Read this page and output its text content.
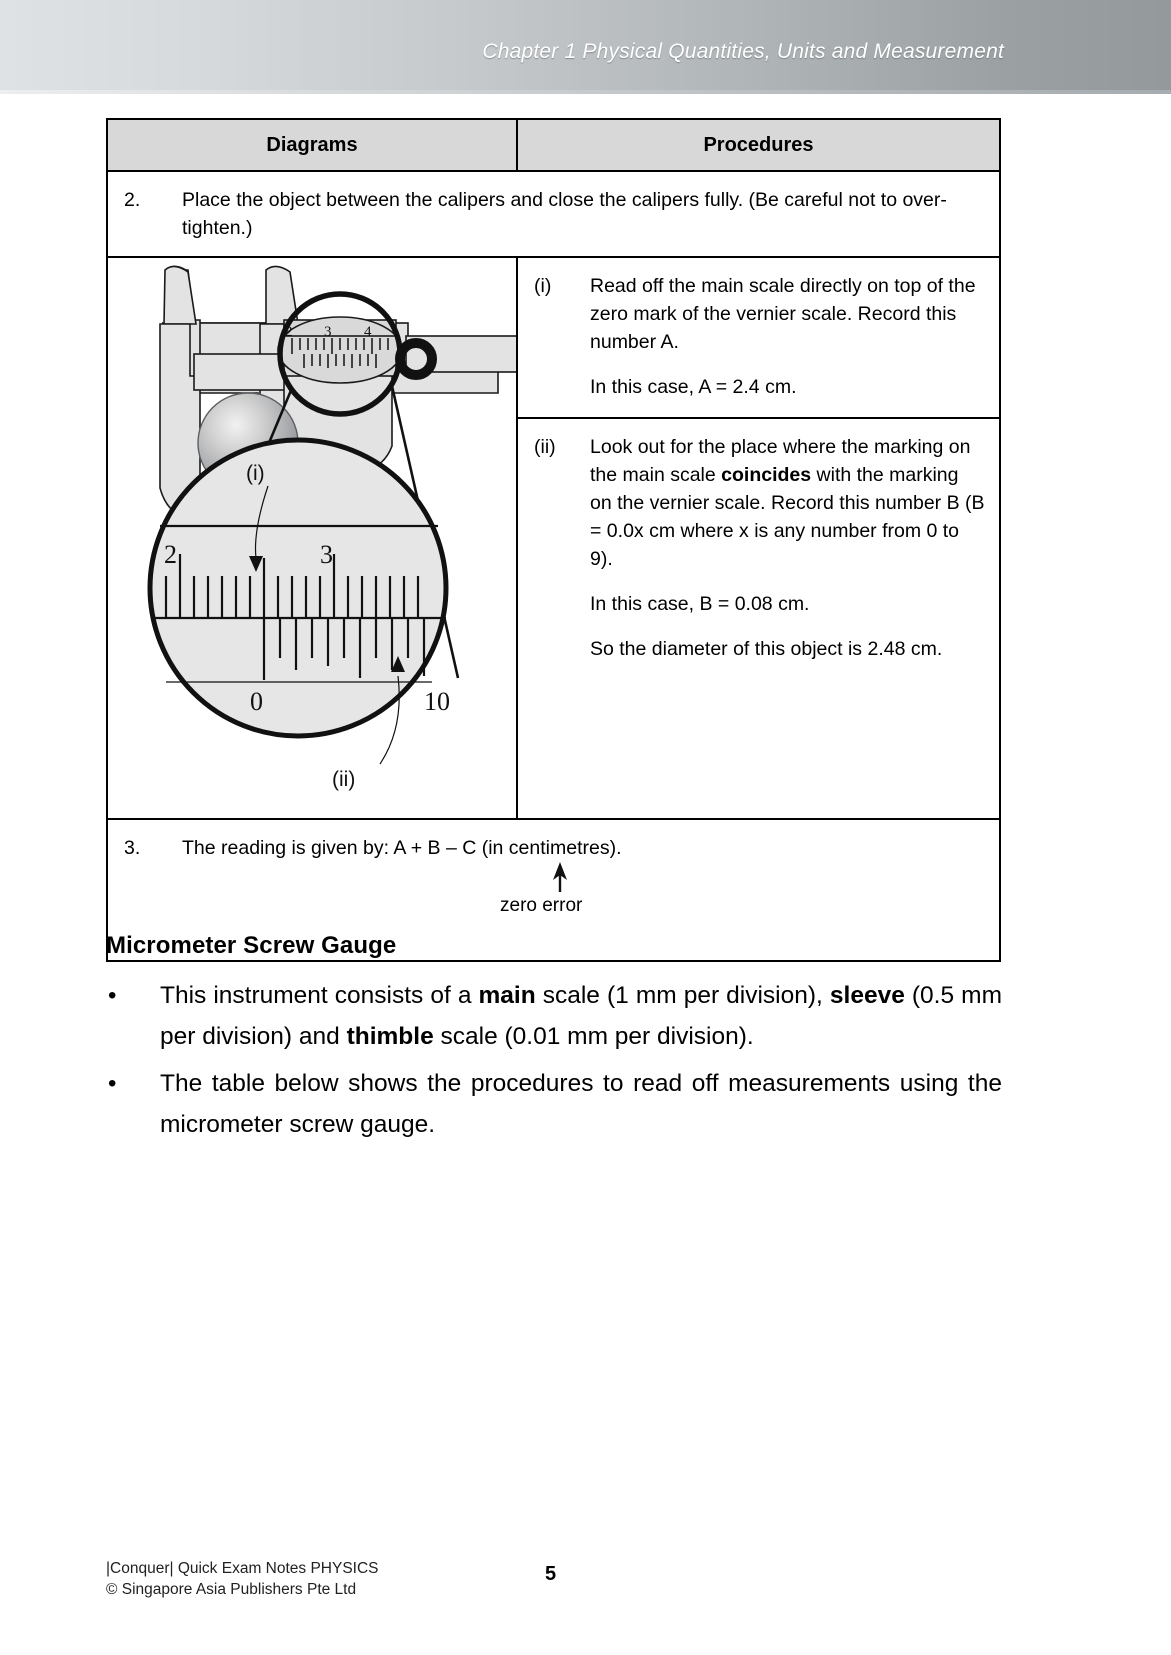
Chapter 1 Physical Quantities, Units and Measurement
Diagrams	Procedures
2.	Place the object between the calipers and close the calipers fully. (Be careful not to over-tighten.)
2 3 4
2	3
0	10
(i)
(ii)
(i)	Read off the main scale directly on top of the zero mark of the vernier scale. Record this number A.

In this case, A = 2.4 cm.

(ii)	Look out for the place where the marking on the main scale coincides with the marking on the vernier scale. Record this number B (B = 0.0x cm where x is any number from 0 to 9).

In this case, B = 0.08 cm.

So the diameter of this object is 2.48 cm.

3.	The reading is given by: A + B – C (in centimetres).
zero error
Micrometer Screw Gauge
•	This instrument consists of a main scale (1 mm per division), sleeve (0.5 mm per division) and thimble scale (0.01 mm per division).
•	The table below shows the procedures to read off measurements using the micrometer screw gauge.
|Conquer| Quick Exam Notes PHYSICS
© Singapore Asia Publishers Pte Ltd
5
